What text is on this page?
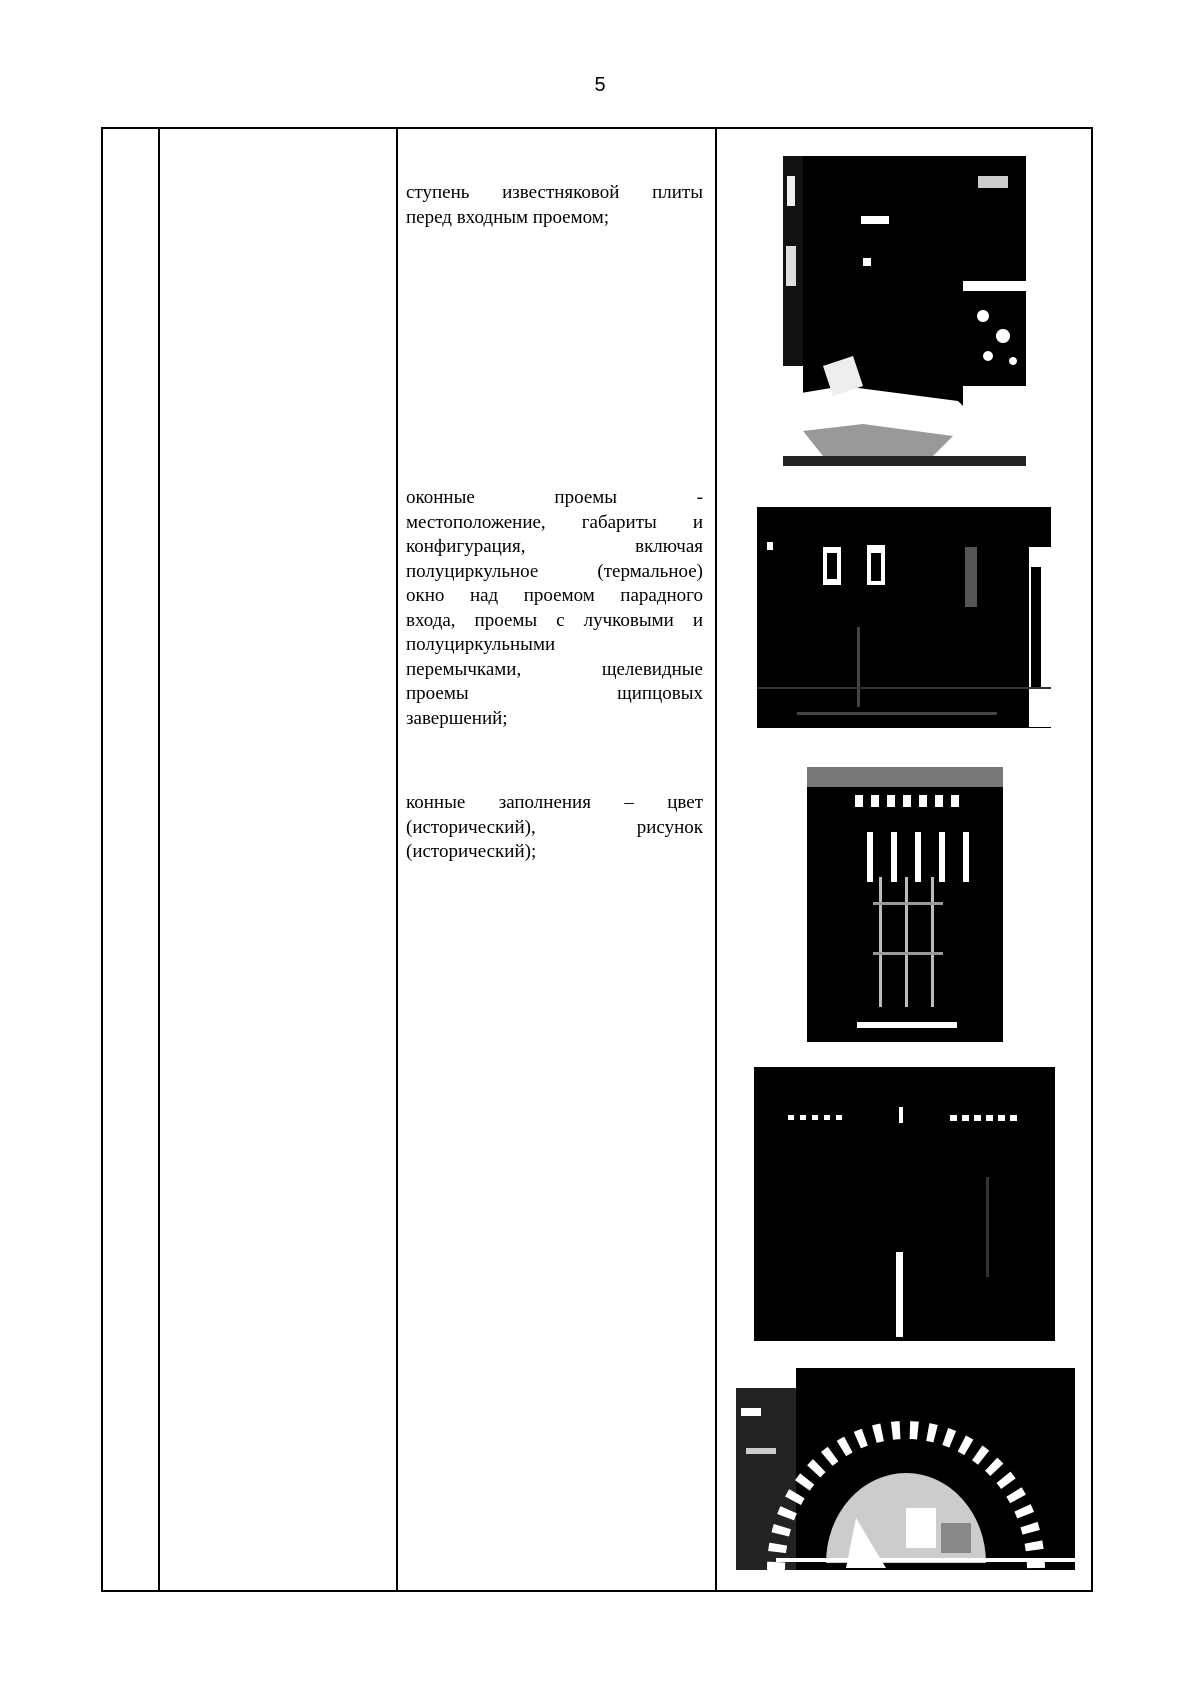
5
ступень известняковой плиты
перед входным проемом;
оконные проемы -
местоположение, габариты и
конфигурация, включая
полуциркульное (термальное)
окно над проемом парадного
входа, проемы с лучковыми и
полуциркульными
перемычками, щелевидные
проемы щипцовых
завершений;
конные заполнения – цвет
(исторический), рисунок
(исторический);
